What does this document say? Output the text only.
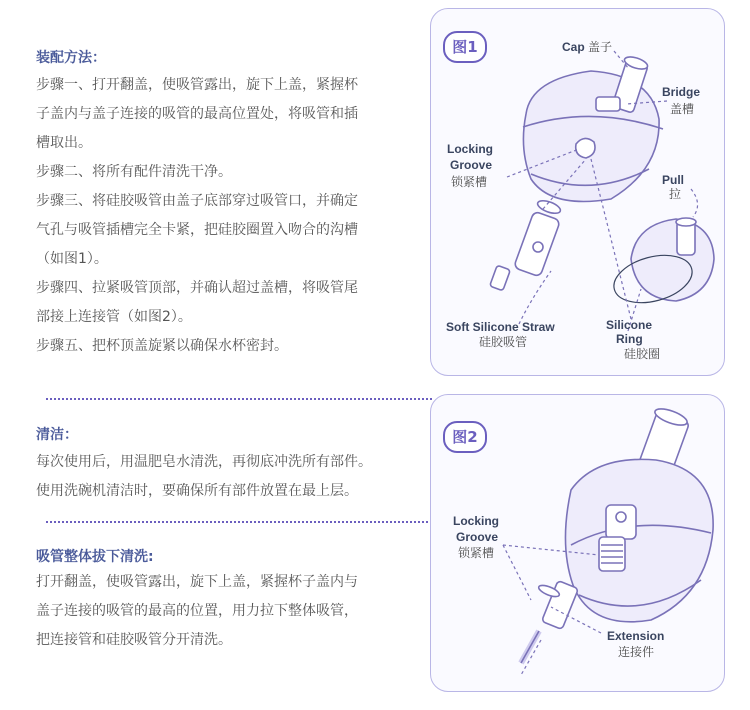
装配方法：
步骤一、打开翻盖，使吸管露出，旋下上盖，紧握杯
子盖内与盖子连接的吸管的最高位置处，将吸管和插
槽取出。
步骤二、将所有配件清洗干净。
步骤三、将硅胶吸管由盖子底部穿过吸管口，并确定
气孔与吸管插槽完全卡紧，把硅胶圈置入吻合的沟槽
（如图1）。
步骤四、拉紧吸管顶部，并确认超过盖槽，将吸管尾
部接上连接管（如图2）。
步骤五、把杯顶盖旋紧以确保水杯密封。
清洁：
每次使用后，用温肥皂水清洗，再彻底冲洗所有部件。
使用洗碗机清洁时，要确保所有部件放置在最上层。
吸管整体拔下清洗:
打开翻盖，使吸管露出，旋下上盖，紧握杯子盖内与
盖子连接的吸管的最高的位置，用力拉下整体吸管，
把连接管和硅胶吸管分开清洗。
图1	Cap 盖子
Bridge
盖槽
Locking
Groove
锁紧槽	Pull
拉
Soft Silicone Straw
硅胶吸管
Silicone
Ring
硅胶圈
图2
Locking
Groove
锁紧槽
Extension
连接件
